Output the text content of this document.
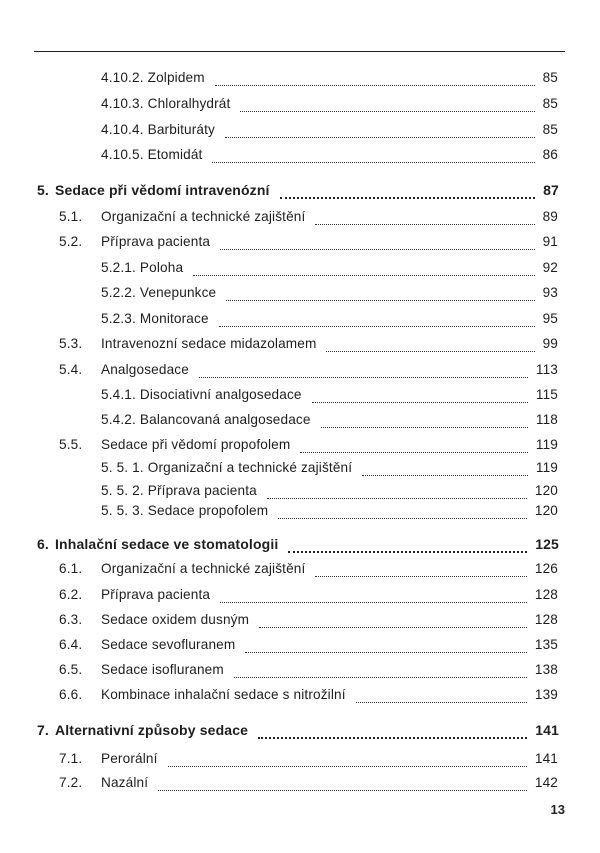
4.10.2. Zolpidem	85
4.10.3. Chloralhydrát	85
4.10.4. Barbituráty	85
4.10.5. Etomidát	86
5. Sedace při vědomí intravenózní	87
5.1. Organizační a technické zajištění	89
5.2. Příprava pacienta	91
5.2.1. Poloha	92
5.2.2. Venepunkce	93
5.2.3. Monitorace	95
5.3. Intravenozní sedace midazolamem	99
5.4. Analgosedace	113
5.4.1. Disociativní analgosedace	115
5.4.2. Balancovaná analgosedace	118
5.5. Sedace při vědomí propofolem	119
5. 5. 1. Organizační a technické zajištění	119
5. 5. 2. Příprava pacienta	120
5. 5. 3. Sedace propofolem	120
6. Inhalační sedace ve stomatologii	125
6.1. Organizační a technické zajištění	126
6.2. Příprava pacienta	128
6.3. Sedace oxidem dusným	128
6.4. Sedace sevofluranem	135
6.5. Sedace isofluranem	138
6.6. Kombinace inhalační sedace s nitrožilní	139
7. Alternativní způsoby sedace	141
7.1. Perorální	141
7.2. Nazální	142
13
